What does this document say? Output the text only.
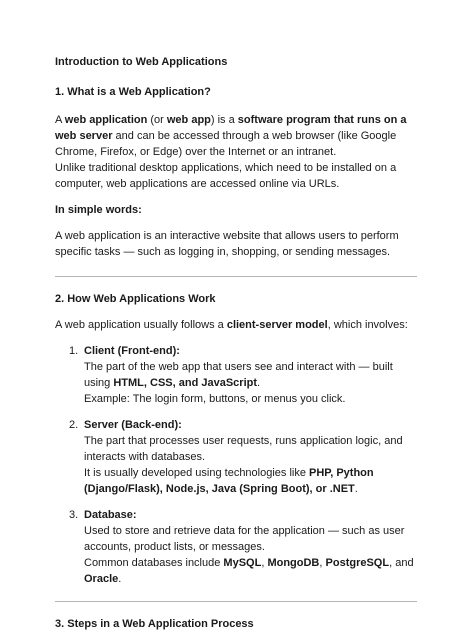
Introduction to Web Applications

1. What is a Web Application?

A web application (or web app) is a software program that runs on a web server and can be accessed through a web browser (like Google Chrome, Firefox, or Edge) over the Internet or an intranet.

Unlike traditional desktop applications, which need to be installed on a computer, web applications are accessed online via URLs.

In simple words:

A web application is an interactive website that allows users to perform specific tasks — such as logging in, shopping, or sending messages.

2. How Web Applications Work

A web application usually follows a client-server model, which involves:

1. Client (Front-end):
The part of the web app that users see and interact with — built using HTML, CSS, and JavaScript.
Example: The login form, buttons, or menus you click.
2. Server (Back-end):
The part that processes user requests, runs application logic, and interacts with databases.
It is usually developed using technologies like PHP, Python (Django/Flask), Node.js, Java (Spring Boot), or .NET.
3. Database:
Used to store and retrieve data for the application — such as user accounts, product lists, or messages.
Common databases include MySQL, MongoDB, PostgreSQL, and Oracle.
3. Steps in a Web Application Process
